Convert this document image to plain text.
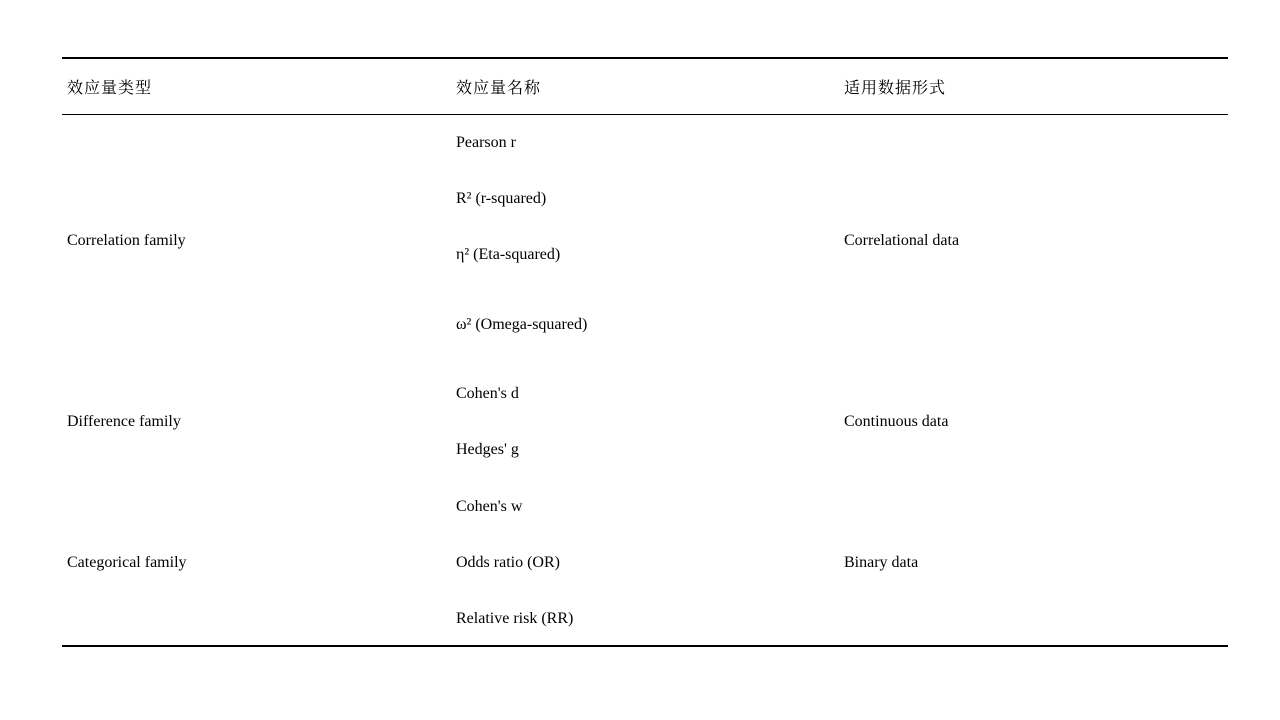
效应量类型	效应量名称	适用数据形式
Correlation family
Pearson r
R² (r-squared)
η² (Eta-squared)
ω² (Omega-squared)
Correlational data
Difference family
Cohen's d
Hedges' g
Continuous data
Categorical family
Cohen's w
Odds ratio (OR)
Relative risk (RR)
Binary data
